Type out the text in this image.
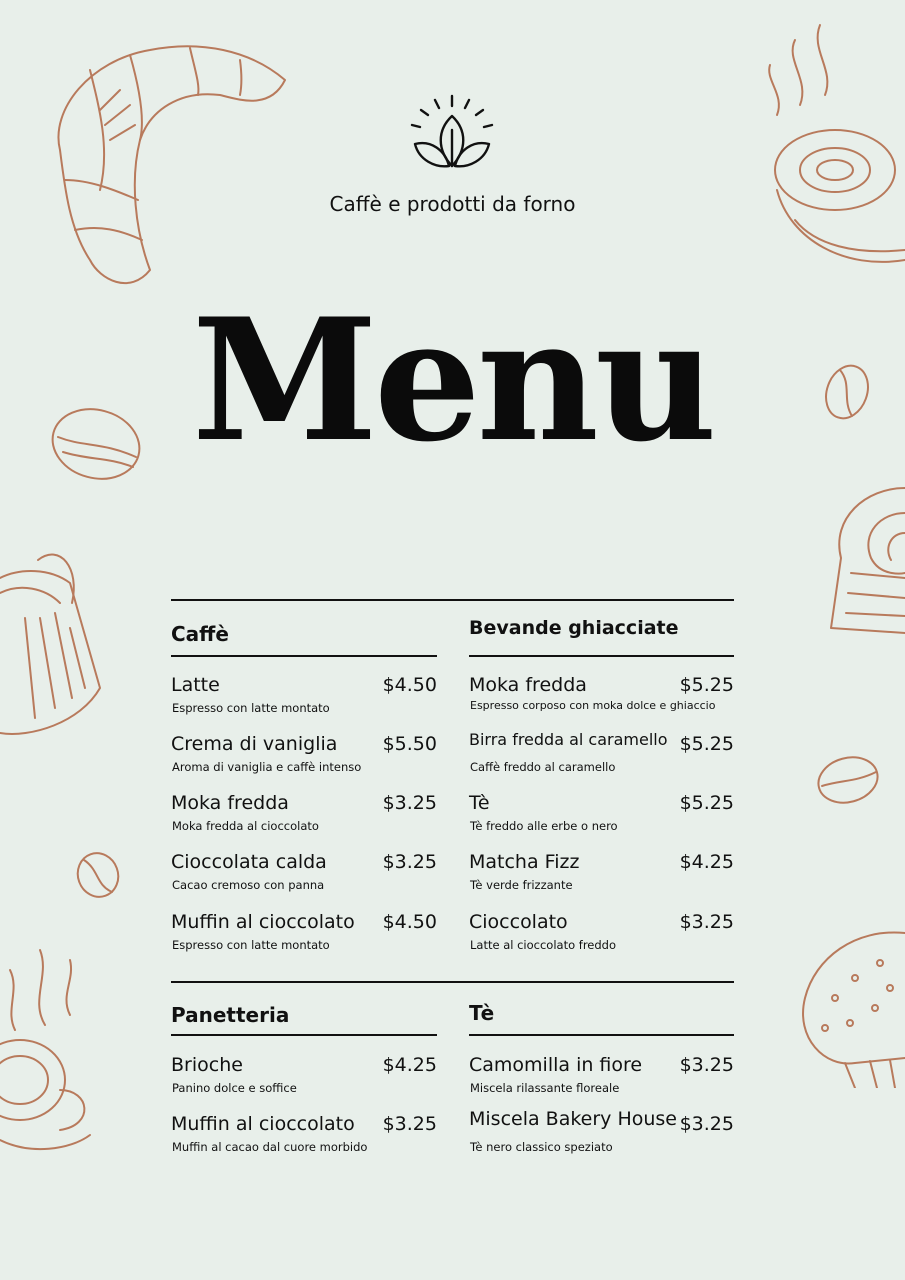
Caffè e prodotti da forno
Menu
Caffè
Latte	$4.50
Espresso con latte montato
Crema di vaniglia $5.50
Aroma di vaniglia e caffè intenso
Moka fredda	$3.25
Moka fredda al cioccolato
Cioccolata calda	$3.25
Cacao cremoso con panna
Muffin al cioccolato $4.50
Espresso con latte montato
Bevande ghiacciate
Moka fredda	$5.25
Espresso corposo con moka dolce e ghiaccio
Birra fredda al caramello $5.25
Caffè freddo al caramello
Tè	$5.25
Tè freddo alle erbe o nero
Matcha Fizz	$4.25
Tè verde frizzante
Cioccolato	$3.25
Latte al cioccolato freddo
Panetteria
Brioche	$4.25
Panino dolce e soffice
Muffin al cioccolato $3.25
Muffin al cacao dal cuore morbido
Tè
Camomilla in fiore $3.25
Miscela rilassante floreale
Miscela Bakery House $3.25
Tè nero classico speziato
